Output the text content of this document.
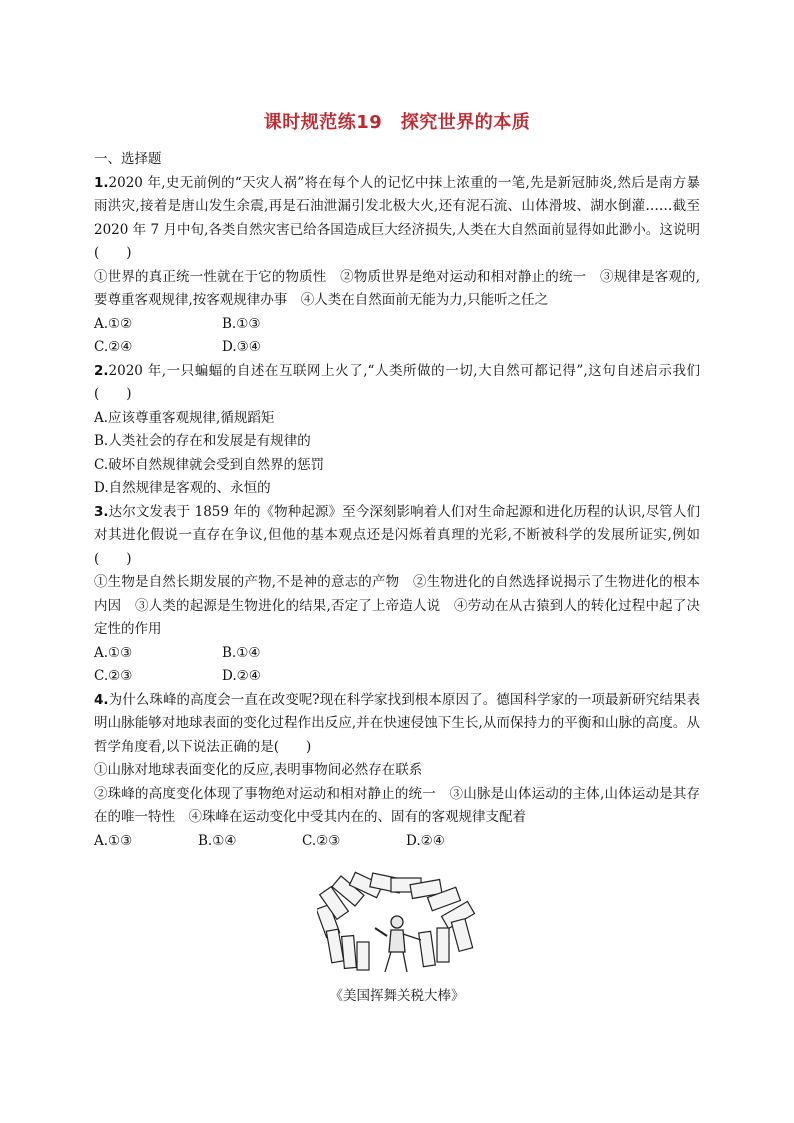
课时规范练19　探究世界的本质

一、选择题

1.2020 年,史无前例的“天灾人祸”将在每个人的记忆中抹上浓重的一笔,先是新冠肺炎,然后是南方暴雨洪灾,接着是唐山发生余震,再是石油泄漏引发北极大火,还有泥石流、山体滑坡、湖水倒灌……截至 2020 年 7 月中旬,各类自然灾害已给各国造成巨大经济损失,人类在大自然面前显得如此渺小。这说明(　　)

①世界的真正统一性就在于它的物质性　②物质世界是绝对运动和相对静止的统一　③规律是客观的,要尊重客观规律,按客观规律办事　④人类在自然面前无能为力,只能听之任之

A.①②	B.①③
C.②④	D.③④

2.2020 年,一只蝙蝠的自述在互联网上火了,“人类所做的一切,大自然可都记得”,这句自述启示我们(　　)

A.应该尊重客观规律,循规蹈矩

B.人类社会的存在和发展是有规律的

C.破坏自然规律就会受到自然界的惩罚

D.自然规律是客观的、永恒的

3.达尔文发表于 1859 年的《物种起源》至今深刻影响着人们对生命起源和进化历程的认识,尽管人们对其进化假说一直存在争议,但他的基本观点还是闪烁着真理的光彩,不断被科学的发展所证实,例如(　　)

①生物是自然长期发展的产物,不是神的意志的产物　②生物进化的自然选择说揭示了生物进化的根本内因　③人类的起源是生物进化的结果,否定了上帝造人说　④劳动在从古猿到人的转化过程中起了决定性的作用

A.①③	B.①④
C.②③	D.②④

4.为什么珠峰的高度会一直在改变呢?现在科学家找到根本原因了。德国科学家的一项最新研究结果表明山脉能够对地球表面的变化过程作出反应,并在快速侵蚀下生长,从而保持力的平衡和山脉的高度。从哲学角度看,以下说法正确的是(　　)

①山脉对地球表面变化的反应,表明事物间必然存在联系

②珠峰的高度变化体现了事物绝对运动和相对静止的统一　③山脉是山体运动的主体,山体运动是其存在的唯一特性　④珠峰在运动变化中受其内在的、固有的客观规律支配着

A.①③	B.①④	C.②③	D.②④
《美国挥舞关税大棒》
